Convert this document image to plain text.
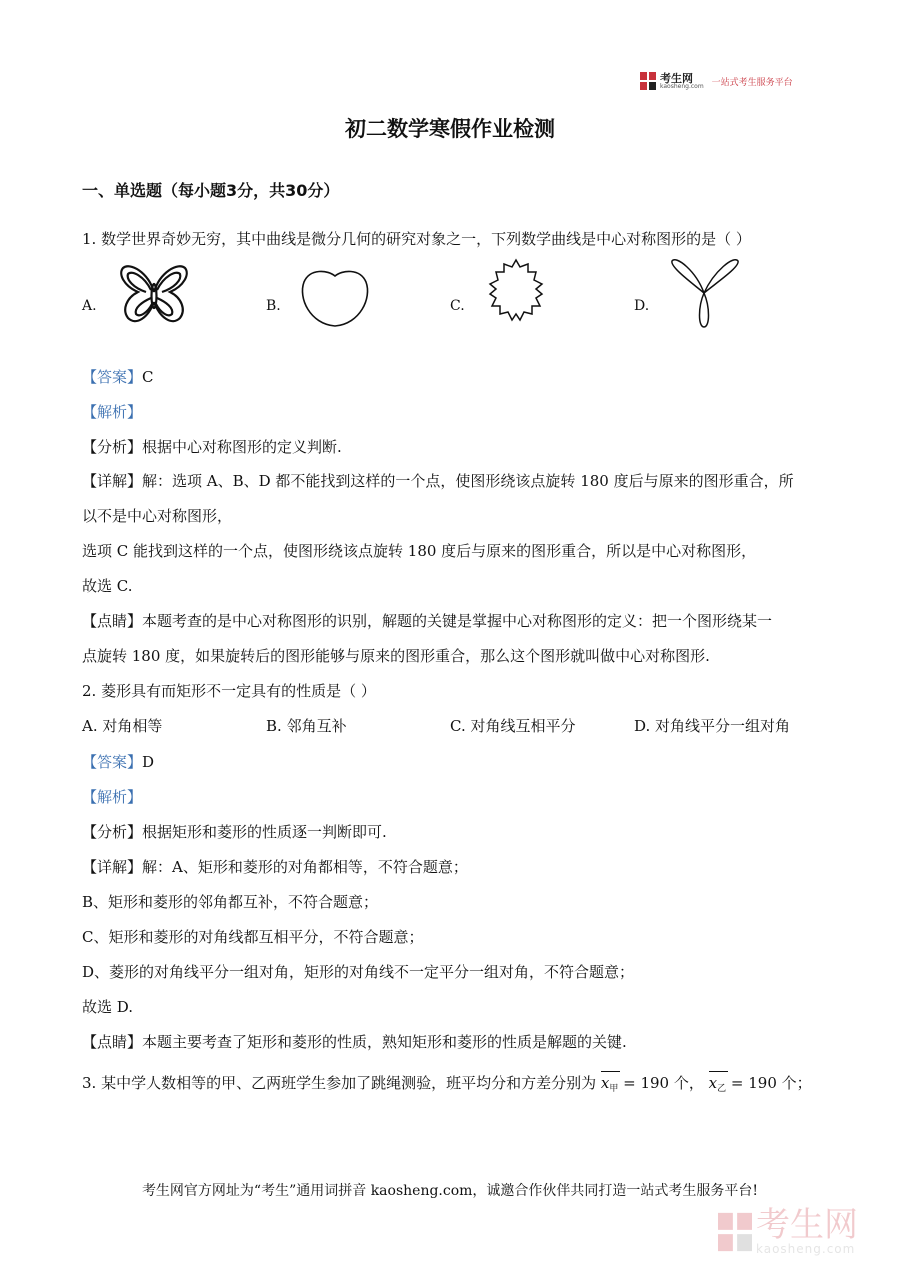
考生网
kaosheng.com 一站式考生服务平台
初二数学寒假作业检测
一、单选题（每小题3分，共30分）
1. 数学世界奇妙无穷，其中曲线是微分几何的研究对象之一，下列数学曲线是中心对称图形的是（ ）
A.	B.	C.	D.
【答案】C
【解析】
【分析】根据中心对称图形的定义判断.
【详解】解：选项 A、B、D 都不能找到这样的一个点，使图形绕该点旋转 180 度后与原来的图形重合，所
以不是中心对称图形，
选项 C 能找到这样的一个点，使图形绕该点旋转 180 度后与原来的图形重合，所以是中心对称图形，
故选 C.
【点睛】本题考查的是中心对称图形的识别，解题的关键是掌握中心对称图形的定义：把一个图形绕某一
点旋转 180 度，如果旋转后的图形能够与原来的图形重合，那么这个图形就叫做中心对称图形.
2. 菱形具有而矩形不一定具有的性质是（ ）
A. 对角相等	B. 邻角互补	C. 对角线互相平分	D. 对角线平分一组对角
【答案】D
【解析】
【分析】根据矩形和菱形的性质逐一判断即可.
【详解】解：A、矩形和菱形的对角都相等，不符合题意；
B、矩形和菱形的邻角都互补，不符合题意；
C、矩形和菱形的对角线都互相平分，不符合题意；
D、菱形的对角线平分一组对角，矩形的对角线不一定平分一组对角，不符合题意；
故选 D.
【点睛】本题主要考查了矩形和菱形的性质，熟知矩形和菱形的性质是解题的关键.
3. 某中学人数相等的甲、乙两班学生参加了跳绳测验，班平均分和方差分别为 $x_甲 = 190$ 个， $x_乙 = 190$ 个；
考生网官方网址为“考生”通用词拼音 kaosheng.com，诚邀合作伙伴共同打造一站式考生服务平台!
考生网
kaosheng.com
